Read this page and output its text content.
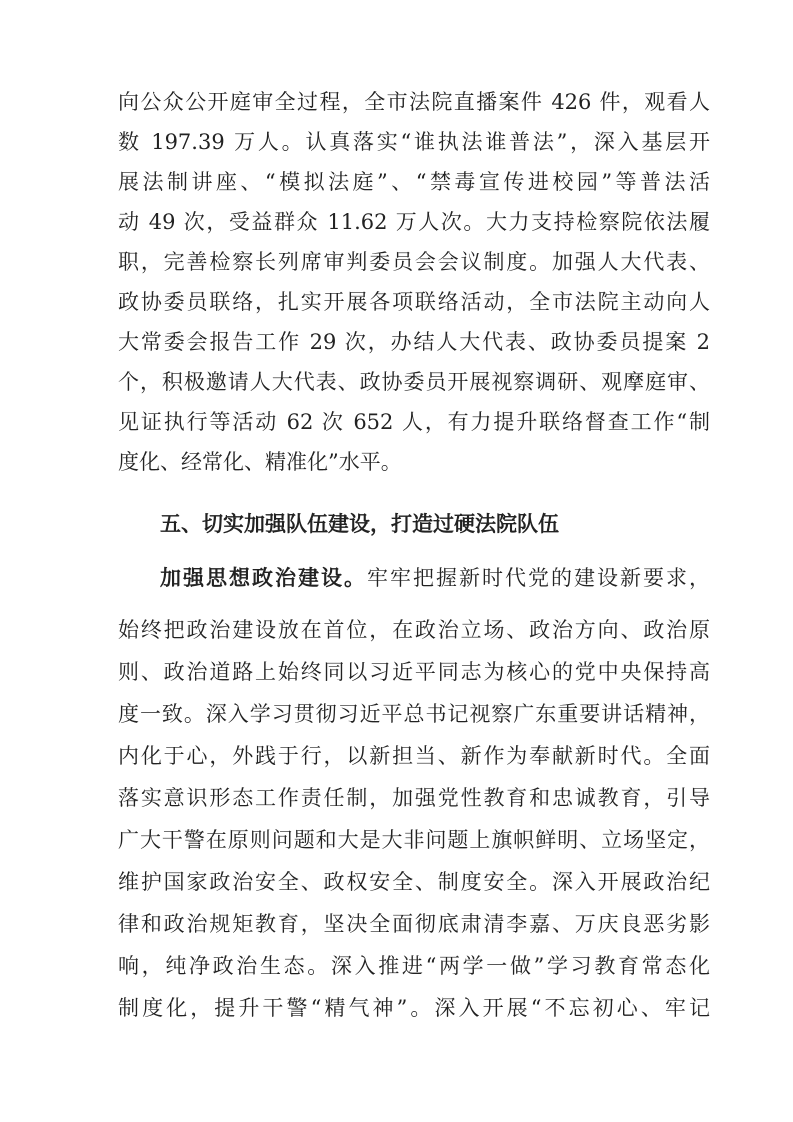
向公众公开庭审全过程，全市法院直播案件 426 件，观看人

数 197.39 万人。认真落实“谁执法谁普法”，深入基层开

展法制讲座、“模拟法庭”、“禁毒宣传进校园”等普法活

动 49 次，受益群众 11.62 万人次。大力支持检察院依法履

职，完善检察长列席审判委员会会议制度。加强人大代表、

政协委员联络，扎实开展各项联络活动，全市法院主动向人

大常委会报告工作 29 次，办结人大代表、政协委员提案 2

个，积极邀请人大代表、政协委员开展视察调研、观摩庭审、

见证执行等活动 62 次 652 人，有力提升联络督查工作“制

度化、经常化、精准化”水平。

五、切实加强队伍建设，打造过硬法院队伍

加强思想政治建设。牢牢把握新时代党的建设新要求，

始终把政治建设放在首位，在政治立场、政治方向、政治原

则、政治道路上始终同以习近平同志为核心的党中央保持高

度一致。深入学习贯彻习近平总书记视察广东重要讲话精神，

内化于心，外践于行，以新担当、新作为奉献新时代。全面

落实意识形态工作责任制，加强党性教育和忠诚教育，引导

广大干警在原则问题和大是大非问题上旗帜鲜明、立场坚定，

维护国家政治安全、政权安全、制度安全。深入开展政治纪

律和政治规矩教育，坚决全面彻底肃清李嘉、万庆良恶劣影

响，纯净政治生态。深入推进“两学一做”学习教育常态化

制度化，提升干警“精气神”。深入开展“不忘初心、牢记
